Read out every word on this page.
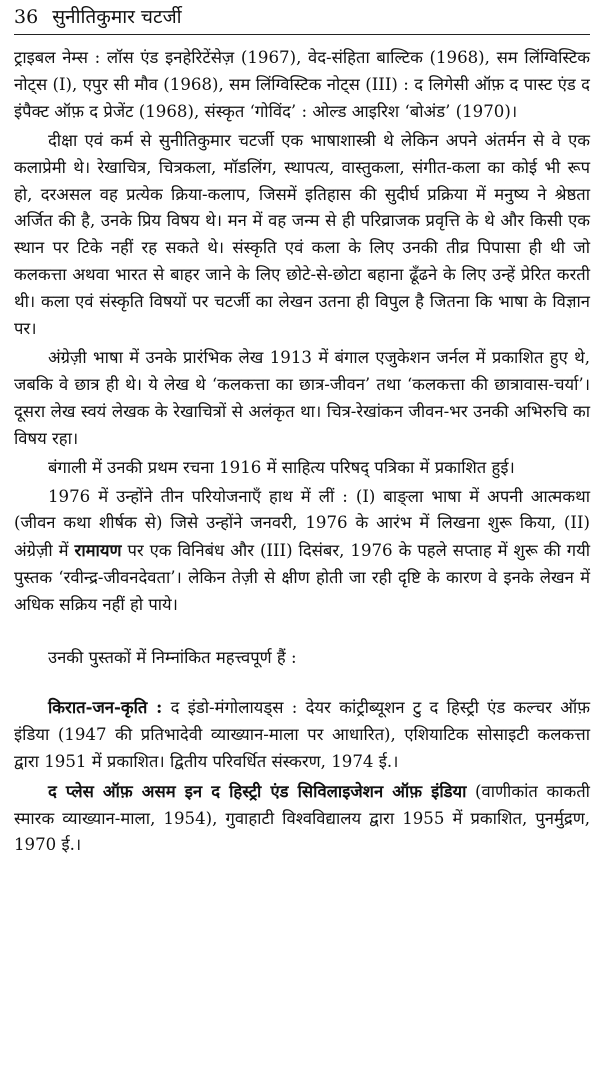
36 सुनीतिकुमार चटर्जी

ट्राइबल नेम्स : लॉस एंड इनहेरिटेंसेज़ (1967), वेद-संहिता बाल्टिक (1968), सम लिंग्विस्टिक नोट्स (I), एपुर सी मौव (1968), सम लिंग्विस्टिक नोट्स (III) : द लिगेसी ऑफ़ द पास्ट एंड द इंपैक्ट ऑफ़ द प्रेजेंट (1968), संस्कृत ‘गोविंद’ : ओल्ड आइरिश ‘बोअंड’ (1970)।

दीक्षा एवं कर्म से सुनीतिकुमार चटर्जी एक भाषाशास्त्री थे लेकिन अपने अंतर्मन से वे एक कलाप्रेमी थे। रेखाचित्र, चित्रकला, मॉडलिंग, स्थापत्य, वास्तुकला, संगीत-कला का कोई भी रूप हो, दरअसल वह प्रत्येक क्रिया-कलाप, जिसमें इतिहास की सुदीर्घ प्रक्रिया में मनुष्य ने श्रेष्ठता अर्जित की है, उनके प्रिय विषय थे। मन में वह जन्म से ही परिव्राजक प्रवृत्ति के थे और किसी एक स्थान पर टिके नहीं रह सकते थे। संस्कृति एवं कला के लिए उनकी तीव्र पिपासा ही थी जो कलकत्ता अथवा भारत से बाहर जाने के लिए छोटे-से-छोटा बहाना ढूँढने के लिए उन्हें प्रेरित करती थी। कला एवं संस्कृति विषयों पर चटर्जी का लेखन उतना ही विपुल है जितना कि भाषा के विज्ञान पर।

अंग्रेज़ी भाषा में उनके प्रारंभिक लेख 1913 में बंगाल एजुकेशन जर्नल में प्रकाशित हुए थे, जबकि वे छात्र ही थे। ये लेख थे ‘कलकत्ता का छात्र-जीवन’ तथा ‘कलकत्ता की छात्रावास-चर्या’। दूसरा लेख स्वयं लेखक के रेखाचित्रों से अलंकृत था। चित्र-रेखांकन जीवन-भर उनकी अभिरुचि का विषय रहा।

बंगाली में उनकी प्रथम रचना 1916 में साहित्य परिषद् पत्रिका में प्रकाशित हुई।

1976 में उन्होंने तीन परियोजनाएँ हाथ में लीं : (I) बाङ्ला भाषा में अपनी आत्मकथा (जीवन कथा शीर्षक से) जिसे उन्होंने जनवरी, 1976 के आरंभ में लिखना शुरू किया, (II) अंग्रेज़ी में रामायण पर एक विनिबंध और (III) दिसंबर, 1976 के पहले सप्ताह में शुरू की गयी पुस्तक ‘रवीन्द्र-जीवनदेवता’। लेकिन तेज़ी से क्षीण होती जा रही दृष्टि के कारण वे इनके लेखन में अधिक सक्रिय नहीं हो पाये।

उनकी पुस्तकों में निम्नांकित महत्त्वपूर्ण हैं :

किरात-जन-कृति : द इंडो-मंगोलायड्स : देयर कांट्रीब्यूशन टु द हिस्ट्री एंड कल्चर ऑफ़ इंडिया (1947 की प्रतिभादेवी व्याख्यान-माला पर आधारित), एशियाटिक सोसाइटी कलकत्ता द्वारा 1951 में प्रकाशित। द्वितीय परिवर्धित संस्करण, 1974 ई.।

द प्लेस ऑफ़ असम इन द हिस्ट्री एंड सिविलाइजेशन ऑफ़ इंडिया (वाणीकांत काकती स्मारक व्याख्यान-माला, 1954), गुवाहाटी विश्वविद्यालय द्वारा 1955 में प्रकाशित, पुनर्मुद्रण, 1970 ई.।
